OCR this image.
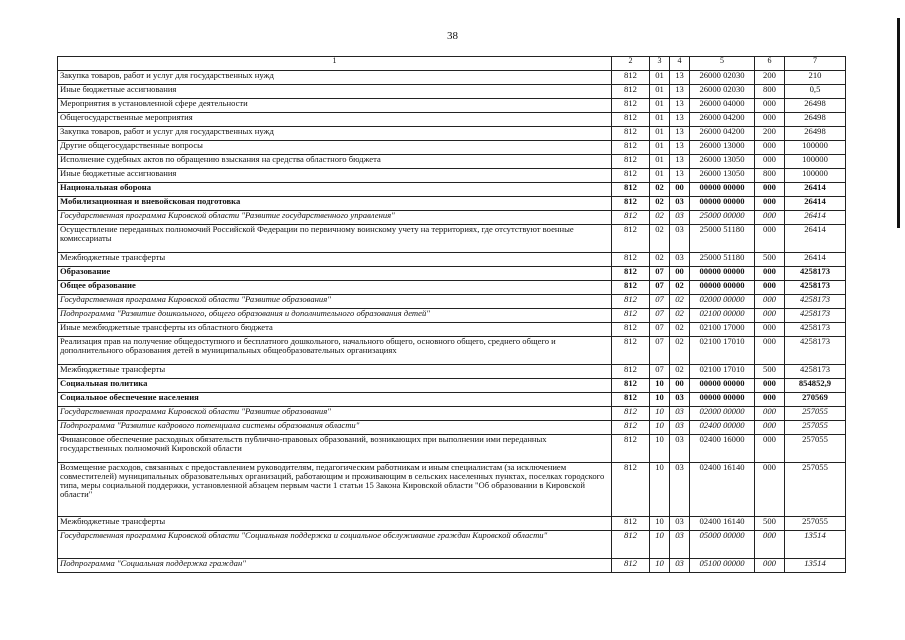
38
1	2	3	4	5	6	7
Закупка товаров, работ и услуг для государственных нужд	812	01	13	26000 02030	200	210
Иные бюджетные ассигнования	812	01	13	26000 02030	800	0,5
Мероприятия в установленной сфере деятельности	812	01	13	26000 04000	000	26498
Общегосударственные мероприятия	812	01	13	26000 04200	000	26498
Закупка товаров, работ и услуг для государственных нужд	812	01	13	26000 04200	200	26498
Другие общегосударственные вопросы	812	01	13	26000 13000	000	100000
Исполнение судебных актов по обращению взыскания на средства областного бюджета	812	01	13	26000 13050	000	100000
Иные бюджетные ассигнования	812	01	13	26000 13050	800	100000
Национальная оборона	812	02	00	00000 00000	000	26414
Мобилизационная и вневойсковая подготовка	812	02	03	00000 00000	000	26414
Государственная программа Кировской области "Развитие государственного управления"	812	02	03	25000 00000	000	26414
Осуществление переданных полномочий Российской Федерации по первичному воинскому учету на территориях, где отсутствуют военные комиссариаты	812	02	03	25000 51180	000	26414
Межбюджетные трансферты	812	02	03	25000 51180	500	26414
Образование	812	07	00	00000 00000	000	4258173
Общее образование	812	07	02	00000 00000	000	4258173
Государственная программа Кировской области "Развитие образования"	812	07	02	02000 00000	000	4258173
Подпрограмма "Развитие дошкольного, общего образования и дополнительного образования детей"	812	07	02	02100 00000	000	4258173
Иные межбюджетные трансферты из областного бюджета	812	07	02	02100 17000	000	4258173
Реализация прав на получение общедоступного и бесплатного дошкольного, начального общего, основного общего, среднего общего и дополнительного образования детей в муниципальных общеобразовательных организациях	812	07	02	02100 17010	000	4258173
Межбюджетные трансферты	812	07	02	02100 17010	500	4258173
Социальная политика	812	10	00	00000 00000	000	854852,9
Социальное обеспечение населения	812	10	03	00000 00000	000	270569
Государственная программа Кировской области "Развитие образования"	812	10	03	02000 00000	000	257055
Подпрограмма "Развитие кадрового потенциала системы образования области"	812	10	03	02400 00000	000	257055
Финансовое обеспечение расходных обязательств публично-правовых образований, возникающих при выполнении ими переданных государственных полномочий Кировской области	812	10	03	02400 16000	000	257055
Возмещение расходов, связанных с предоставлением руководителям, педагогическим работникам и иным специалистам (за исключением совместителей) муниципальных образовательных организаций, работающим и проживающим в сельских населенных пунктах, поселках городского типа, меры социальной поддержки, установленной абзацем первым части 1 статьи 15 Закона Кировской области "Об образовании в Кировской области"	812	10	03	02400 16140	000	257055
Межбюджетные трансферты	812	10	03	02400 16140	500	257055
Государственная программа Кировской области "Социальная поддержка и социальное обслуживание граждан Кировской области"	812	10	03	05000 00000	000	13514
Подпрограмма "Социальная поддержка граждан"	812	10	03	05100 00000	000	13514
